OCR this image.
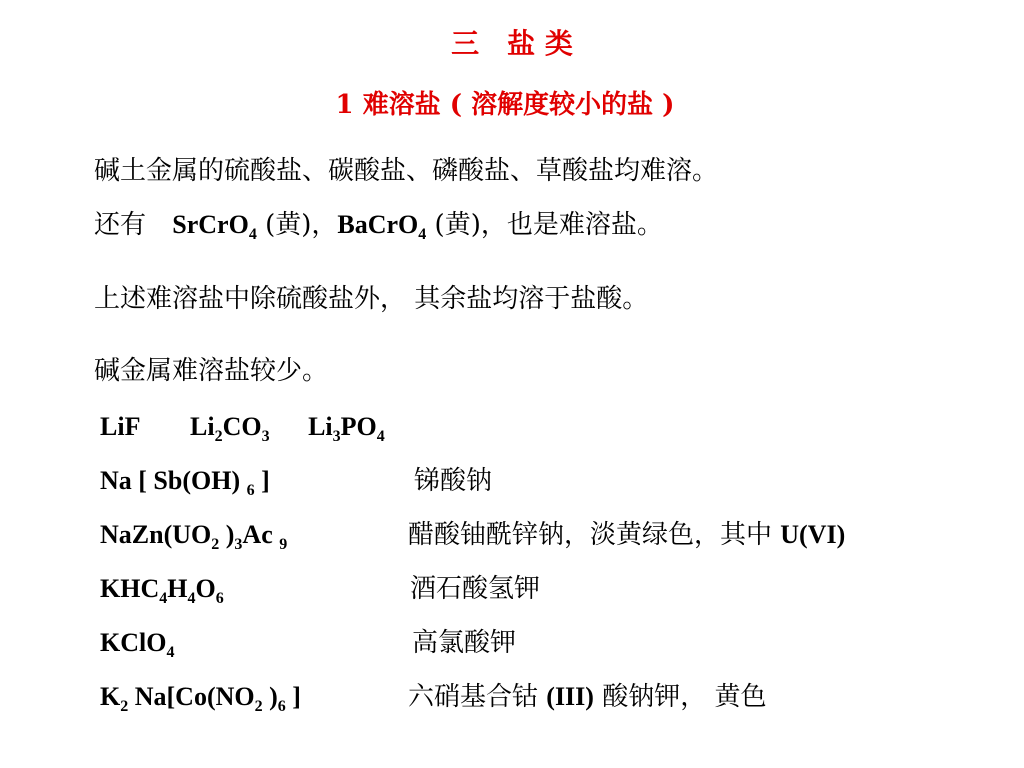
三　盐 类
1 难溶盐 ( 溶解度较小的盐 )
碱土金属的硫酸盐、碳酸盐、磷酸盐、草酸盐均难溶。
还有 SrCrO$_4$ (黄)，BaCrO$_4$ (黄)，也是难溶盐。
上述难溶盐中除硫酸盐外， 其余盐均溶于盐酸。
碱金属难溶盐较少。
LiF $Li_2CO_3$ $Li_3PO_4$
Na [ Sb(OH) $_6$ ]	锑酸钠
$NaZn(UO_2$ )$_3Ac$ $_9$	醋酸铀酰锌钠，淡黄绿色，其中 U(VI)
$KHC_4H_4O_6$	酒石酸氢钾
KClO$_4$	高氯酸钾
$K_2$ $Na[Co(NO_2$ )$_6$ ]	六硝基合钴 (III) 酸钠钾， 黄色
